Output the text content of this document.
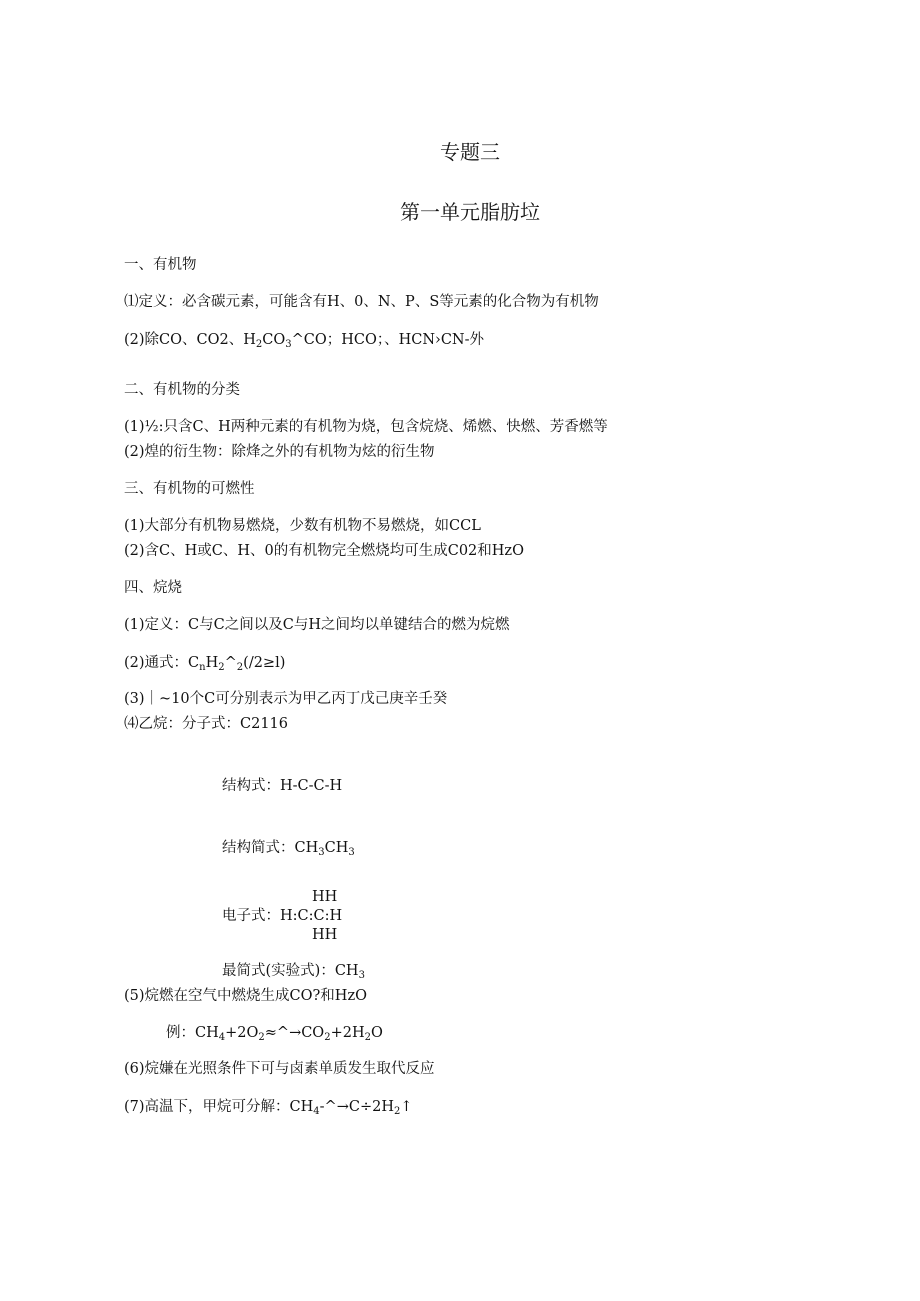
专题三
第一单元脂肪垃
一、有机物
⑴定义：必含碳元素，可能含有H、0、N、P、S等元素的化合物为有机物
(2)除CO、CO2、$H_2CO_3\^{}CO$；HCO；、HCN›CN-外
二、有机物的分类
(1)½:只含C、H两种元素的有机物为烧，包含烷烧、烯燃、快燃、芳香燃等
(2)煌的衍生物：除烽之外的有机物为炫的衍生物
三、有机物的可燃性
(1)大部分有机物易燃烧，少数有机物不易燃烧，如CCL
(2)含C、H或C、H、0的有机物完全燃烧均可生成C02和HzO
四、烷烧
(1)定义：C与C之间以及C与H之间均以单键结合的燃为烷燃
(2)通式：$C_nH_2\^{}_2(/2\ge l)$
(3)｜~10个C可分别表示为甲乙丙丁戊己庚辛壬癸
⑷乙烷：分子式：C2116
结构式：H-C-C-H
结构简式：$CH_3CH_3$
HH
电子式：H:C:C:H
HH
最简式(实验式)：$CH_3$
(5)烷燃在空气中燃烧生成CO?和HzO
例：$CH_4+2O_2\approx\^{}\to CO_2+2H_2O$
(6)烷嫌在光照条件下可与卤素单质发生取代反应
(7)高温下，甲烷可分解：$CH_4-\^{}\to C\div 2H_2↑$
